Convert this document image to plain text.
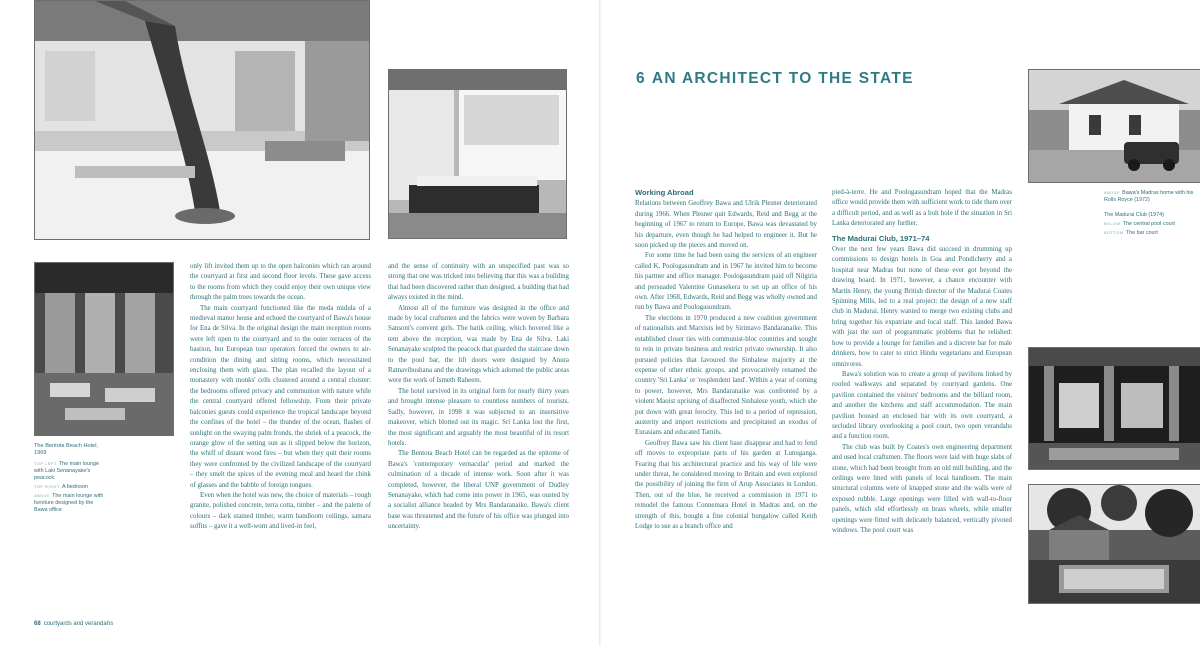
only lift invited them up to the open balconies which ran around the courtyard at first and second floor levels. These gave access to the rooms from which they could enjoy their own unique view through the palm trees towards the ocean.

The main courtyard functioned like the meda midula of a medieval manor house and echoed the courtyard of Bawa's house for Ena de Silva. In the original design the main reception rooms were left open to the courtyard and to the outer terraces of the bastion, but European tour operators forced the owners to air-condition the dining and sitting rooms, which necessitated enclosing them with glass. The plan recalled the layout of a monastery with monks' cells clustered around a central cloister: the bedrooms offered privacy and communion with nature while the central courtyard offered fellowship. From their private balconies guests could experience the tropical landscape beyond the confines of the hotel – the thunder of the ocean, flashes of sunlight on the swaying palm fronds, the shriek of a peacock, the orange glow of the setting sun as it slipped below the horizon, the whiff of distant wood fires – but when they quit their rooms they were confronted by the civilized landscape of the courtyard – they smelt the spices of the evening meal and heard the chink of glasses and the babble of foreign tongues.

Even when the hotel was new, the choice of materials – rough granite, polished concrete, terra cotta, timber – and the palette of colours – dark stained timber, warm handloom ceilings, samara soffits – gave it a well-worn and lived-in feel,

and the sense of continuity with an unspecified past was so strong that one was tricked into believing that this was a building that had been discovered rather than designed, a building that had always existed in the mind.

Almost all of the furniture was designed in the office and made by local craftsmen and the fabrics were woven by Barbara Sansoni's convent girls. The batik ceiling, which hovered like a tent above the reception, was made by Ena de Silva. Laki Senanayake sculpted the peacock that guarded the staircase down to the pool bar, the lift doors were designed by Anura Ratnavibushana and the drawings which adorned the public areas were the work of Ismeth Raheem.

The hotel survived in its original form for nearly thirty years and brought intense pleasure to countless numbers of tourists. Sadly, however, in 1998 it was subjected to an insensitive makeover, which blotted out its magic. Sri Lanka lost the first, the most significant and arguably the most beautiful of its resort hotels.

The Bentota Beach Hotel can be regarded as the epitome of Bawa's 'contemporary vernacular' period and marked the culmination of a decade of intense work. Soon after it was completed, however, the liberal UNP government of Dudley Senanayake, which had come into power in 1965, was ousted by a socialist alliance headed by Mrs Bandaranaike. Bawa's client base was threatened and the future of his office was plunged into uncertainty.

The Bentota Beach Hotel, 1969
TOP LEFT The main lounge with Laki Senanayake's peacock
TOP RIGHT A bedroom
ABOVE The main lounge with furniture designed by the Bawa office
68 courtyards and verandahs
6 AN ARCHITECT TO THE STATE
Working Abroad

Relations between Geoffrey Bawa and Ulrik Plesner deteriorated during 1966. When Plesner quit Edwards, Reid and Begg at the beginning of 1967 to return to Europe, Bawa was devastated by his departure, even though he had helped to engineer it. But he soon picked up the pieces and moved on.

For some time he had been using the services of an engineer called K. Poologasundram and in 1967 he invited him to become his partner and office manager. Poologasundram paid off Nilgiria and persuaded Valentine Gunasekera to set up an office of his own. After 1968, Edwards, Reid and Begg was wholly owned and run by Bawa and Poologasundram.

The elections in 1970 produced a new coalition government of nationalists and Marxists led by Sirimavo Bandaranaike. This established closer ties with communist-bloc countries and sought to rein in private business and restrict private ownership. It also pursued policies that favoured the Sinhalese majority at the expense of other ethnic groups, and provocatively renamed the country 'Sri Lanka' or 'resplendent land'. Within a year of coming to power, however, Mrs Bandaranaike was confronted by a violent Maoist uprising of disaffected Sinhalese youth, which she put down with great ferocity. This led to a period of repression, austerity and import restrictions and precipitated an exodus of Eurasians and educated Tamils.

Geoffrey Bawa saw his client base disappear and had to fend off moves to expropriate parts of his garden at Lunuganga. Fearing that his architectural practice and his way of life were under threat, he considered moving to Britain and even explored the possibility of joining the firm of Arup Associates in London. Then, out of the blue, he received a commission in 1971 to remodel the famous Connemara Hotel in Madras and, on the strength of this, bought a fine colonial bungalow called Keith Lodge to use as a branch office and

pied-à-terre. He and Poologasundram hoped that the Madras office would provide them with sufficient work to tide them over a difficult period, and as well as a bolt hole if the situation in Sri Lanka deteriorated any further.

The Madurai Club, 1971–74

Over the next few years Bawa did succeed in drumming up commissions to design hotels in Goa and Pondicherry and a hospital near Madras but none of these ever got beyond the drawing board. In 1971, however, a chance encounter with Martin Henry, the young British director of the Madurai Coates Spinning Mills, led to a real project: the design of a new staff club in Madurai. Henry wanted to merge two existing clubs and bring together his expatriate and local staff. This landed Bawa with just the sort of programmatic problems that he relished: how to provide a lounge for families and a discrete bar for male drinkers, how to cater to strict Hindu vegetarians and European omnivores.

Bawa's solution was to create a group of pavilions linked by roofed walkways and separated by courtyard gardens. One pavilion contained the visitors' bedrooms and the billiard room, and another the kitchens and staff accommodation. The main pavilion housed an enclosed bar with its own courtyard, a secluded library overlooking a pool court, two open verandahs and a function room.

The club was built by Coates's own engineering department and used local craftsmen. The floors were laid with huge slabs of stone, which had been brought from an old mill building, and the ceilings were lined with panels of local handloom. The main structural columns were of knapped stone and the walls were of exposed rubble. Large openings were filled with wall-to-floor panels, which slid effortlessly on brass wheels, while smaller openings were fitted with delicately balanced, vertically pivoted windows. The pool court was

ABOVE Bawa's Madras home with his Rolls Royce (1972)
The Madurai Club (1974)
BELOW The central pool court
BOTTOM The bar court
